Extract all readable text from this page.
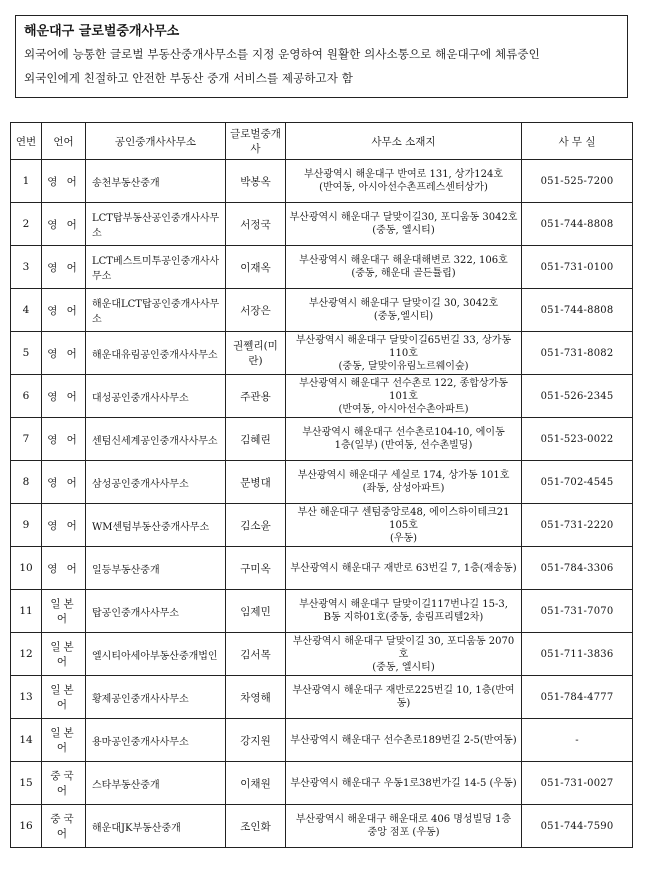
해운대구 글로벌중개사무소
외국어에 능통한 글로벌 부동산중개사무소를 지정 운영하여 원활한 의사소통으로 해운대구에 체류중인
외국인에게 친절하고 안전한 부동산 중개 서비스를 제공하고자 함
연번	언어	공인중개사사무소	글로벌중개사	사무소 소재지	사 무 실
1	영 어	송천부동산중개	박봉옥	부산광역시 해운대구 반여로 131, 상가124호
(반여동, 아시아선수촌프레스센터상가)	051-525-7200
2	영 어	LCT탑부동산공인중개사사무소	서정국	부산광역시 해운대구 달맞이길30, 포디움동 3042호
(중동, 엘시티)	051-744-8808
3	영 어	LCT베스트미투공인중개사사무소	이재옥	부산광역시 해운대구 해운대해변로 322, 106호
(중동, 해운대 골든튤립)	051-731-0100
4	영 어	해운대LCT탑공인중개사사무소	서장은	부산광역시 해운대구 달맞이길 30, 3042호
(중동,엘시티)	051-744-8808
5	영 어	해운대유림공인중개사사무소	권쩰리(미란)	부산광역시 해운대구 달맞이길65번길 33, 상가동110호
(중동, 달맞이유림노르웨이숲)	051-731-8082
6	영 어	대성공인중개사사무소	주관용	부산광역시 해운대구 선수촌로 122, 종합상가동 101호
(반여동, 아시아선수촌아파트)	051-526-2345
7	영 어	센텀신세계공인중개사사무소	김혜린	부산광역시 해운대구 선수촌로104-10, 에이동
1층(일부) (반여동, 선수촌빌딩)	051-523-0022
8	영 어	삼성공인중개사사무소	문병대	부산광역시 해운대구 세실로 174, 상가동 101호
(좌동, 삼성아파트)	051-702-4545
9	영 어	WM센텀부동산중개사무소	김소윤	부산 해운대구 센텀중앙로48, 에이스하이테크21 105호
(우동)	051-731-2220
10	영 어	일등부동산중개	구미옥	부산광역시 해운대구 재반로 63번길 7, 1층(재송동)	051-784-3306
11	일본어	탑공인중개사사무소	임제민	부산광역시 해운대구 달맞이길117번나길 15-3,
B동 지하01호(중동, 송림프리텔2차)	051-731-7070
12	일본어	엘시티아세아부동산중개법인	김서목	부산광역시 해운대구 달맞이길 30, 포디움동 2070호
(중동, 엘시티)	051-711-3836
13	일본어	황제공인중개사사무소	차영해	부산광역시 해운대구 재반로225번길 10, 1층(반여동)	051-784-4777
14	일본어	용마공인중개사사무소	강지원	부산광역시 해운대구 선수촌로189번길 2-5(반여동)	-
15	중국어	스타부동산중개	이채원	부산광역시 해운대구 우동1로38번가길 14-5 (우동)	051-731-0027
16	중국어	해운대JK부동산중개	조인화	부산광역시 해운대구 해운대로 406 명성빌딩 1층
중앙 점포 (우동)	051-744-7590
